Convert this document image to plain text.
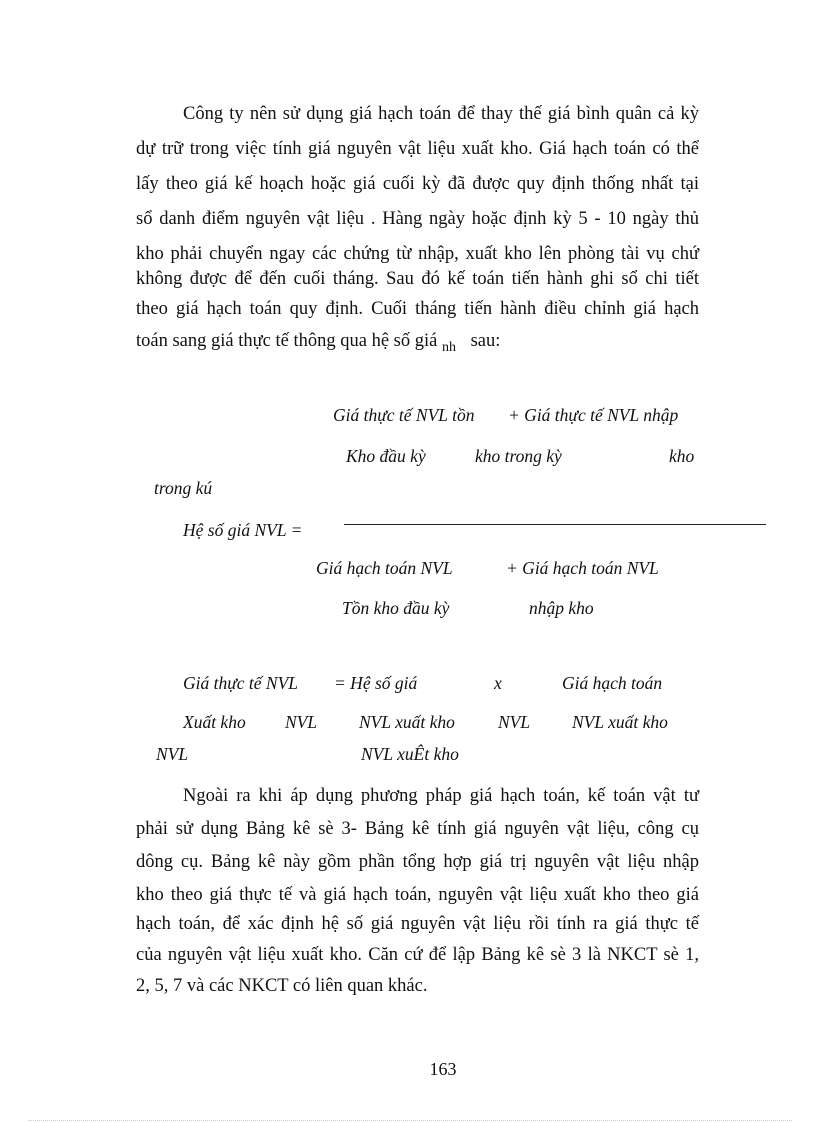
Công ty nên sử dụng giá hạch toán để thay thế giá bình quân cả kỳ
dự trữ trong việc tính giá nguyên vật liệu xuất kho. Giá hạch toán có thể
lấy theo giá kế hoạch hoặc giá cuối kỳ đã được quy định thống nhất tại
sổ danh điểm nguyên vật liệu . Hàng ngày hoặc định kỳ 5 - 10 ngày thủ
kho phải chuyển ngay các chứng từ nhập, xuất kho lên phòng tài vụ chứ
không được để đến cuối tháng. Sau đó kế toán tiến hành ghi sổ chi tiết
theo giá hạch toán quy định. Cuối tháng tiến hành điều chỉnh giá hạch
toán sang giá thực tế thông qua hệ số giá $_{nh}$ sau:
Giá thực tế NVL tồn + Giá thực tế NVL nhập
Kho đầu kỳ	kho trong kỳ	kho
trong kú
Hệ số giá NVL =
Giá hạch toán NVL	+ Giá hạch toán NVL
Tồn kho đầu kỳ	nhập kho
Giá thực tế NVL = Hệ số giá	x	Giá hạch toán
Xuất kho NVL NVL xuất kho NVL NVL xuất kho
NVL	NVL xuÊt kho
Ngoài ra khi áp dụng phương pháp giá hạch toán, kế toán vật tư
phải sử dụng Bảng kê sè 3- Bảng kê tính giá nguyên vật liệu, công cụ
dông cụ. Bảng kê này gồm phần tổng hợp giá trị nguyên vật liệu nhập
kho theo giá thực tế và giá hạch toán, nguyên vật liệu xuất kho theo giá
hạch toán, để xác định hệ số giá nguyên vật liệu rồi tính ra giá thực tế
của nguyên vật liệu xuất kho. Căn cứ để lập Bảng kê sè 3 là NKCT sè 1,
2, 5, 7 và các NKCT có liên quan khác.
163
